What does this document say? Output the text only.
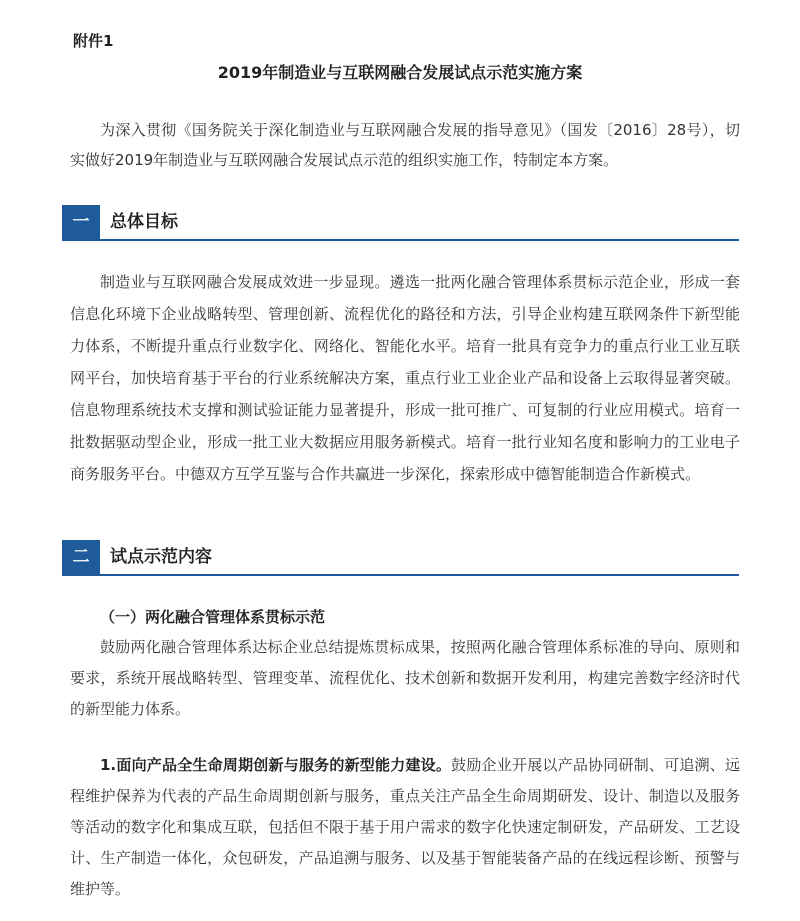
附件1
2019年制造业与互联网融合发展试点示范实施方案

为深入贯彻《国务院关于深化制造业与互联网融合发展的指导意见》（国发〔2016〕28号），切实做好2019年制造业与互联网融合发展试点示范的组织实施工作，特制定本方案。

一	总体目标

制造业与互联网融合发展成效进一步显现。遴选一批两化融合管理体系贯标示范企业，形成一套信息化环境下企业战略转型、管理创新、流程优化的路径和方法，引导企业构建互联网条件下新型能力体系，不断提升重点行业数字化、网络化、智能化水平。培育一批具有竞争力的重点行业工业互联网平台，加快培育基于平台的行业系统解决方案，重点行业工业企业产品和设备上云取得显著突破。信息物理系统技术支撑和测试验证能力显著提升，形成一批可推广、可复制的行业应用模式。培育一批数据驱动型企业，形成一批工业大数据应用服务新模式。培育一批行业知名度和影响力的工业电子商务服务平台。中德双方互学互鉴与合作共赢进一步深化，探索形成中德智能制造合作新模式。

二	试点示范内容
（一）两化融合管理体系贯标示范

鼓励两化融合管理体系达标企业总结提炼贯标成果，按照两化融合管理体系标准的导向、原则和要求，系统开展战略转型、管理变革、流程优化、技术创新和数据开发利用，构建完善数字经济时代的新型能力体系。

1.面向产品全生命周期创新与服务的新型能力建设。鼓励企业开展以产品协同研制、可追溯、远程维护保养为代表的产品生命周期创新与服务，重点关注产品全生命周期研发、设计、制造以及服务等活动的数字化和集成互联，包括但不限于基于用户需求的数字化快速定制研发，产品研发、工艺设计、生产制造一体化，众包研发，产品追溯与服务、以及基于智能装备产品的在线远程诊断、预警与维护等。
